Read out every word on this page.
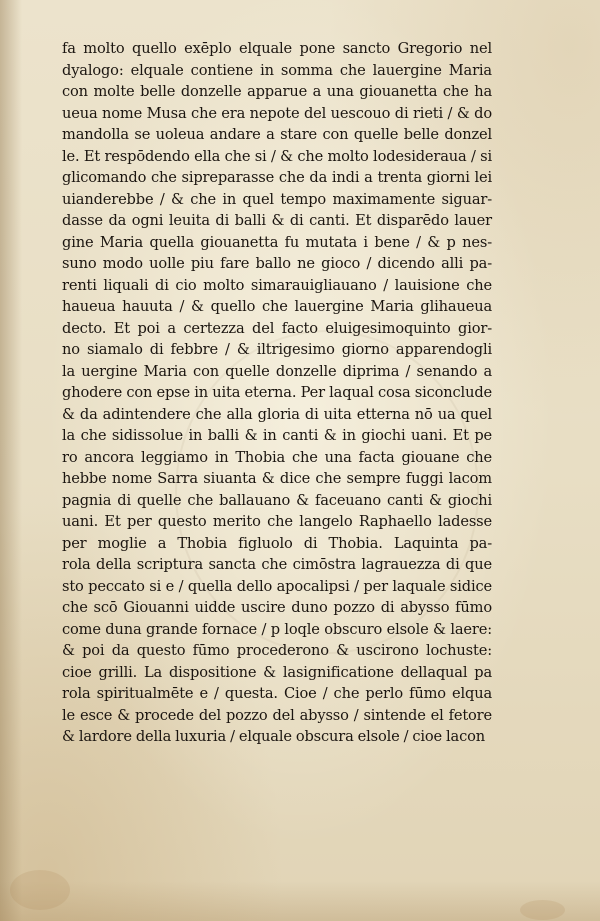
fa molto quello exēplo elquale pone sancto Gregorio nel
dyalogo: elquale contiene in somma che lauergine Maria
con molte belle donzelle apparue a una giouanetta che ha
ueua nome Musa che era nepote del uescouo di rieti / & do
mandolla se uoleua andare a stare con quelle belle donzel
le. Et respōdendo ella che si / & che molto lodesideraua / si
glicomando che sipreparasse che da indi a trenta giorni lei
uianderebbe / & che in quel tempo maximamente siguar-
dasse da ogni leuita di balli & di canti. Et disparēdo lauer
gine Maria quella giouanetta fu mutata i bene / & p nes-
suno modo uolle piu fare ballo ne gioco / dicendo alli pa-
renti liquali di cio molto simarauigliauano / lauisione che
haueua hauuta / & quello che lauergine Maria glihaueua
decto. Et poi a certezza del facto eluigesimoquinto gior-
no siamalo di febbre / & iltrigesimo giorno apparendogli
la uergine Maria con quelle donzelle diprima / senando a
ghodere con epse in uita eterna. Per laqual cosa siconclude
& da adintendere che alla gloria di uita etterna nō ua quel
la che sidissolue in balli & in canti & in giochi uani. Et pe
ro ancora leggiamo in Thobia che una facta giouane che
hebbe nome Sarra siuanta & dice che sempre fuggi lacom
pagnia di quelle che ballauano & faceuano canti & giochi
uani. Et per questo merito che langelo Raphaello ladesse
per moglie a Thobia figluolo di Thobia. Laquinta pa-
rola della scriptura sancta che cimōstra lagrauezza di que
sto peccato si e / quella dello apocalipsi / per laquale sidice
che scō Giouanni uidde uscire duno pozzo di abysso fūmo
come duna grande fornace / p loqle obscuro elsole & laere:
& poi da questo fūmo procederono & uscirono lochuste:
cioe grilli. La dispositione & lasignificatione dellaqual pa
rola spiritualmēte e / questa. Cioe / che perlo fūmo elqua
le esce & procede del pozzo del abysso / sintende el fetore
& lardore della luxuria / elquale obscura elsole / cioe lacon
